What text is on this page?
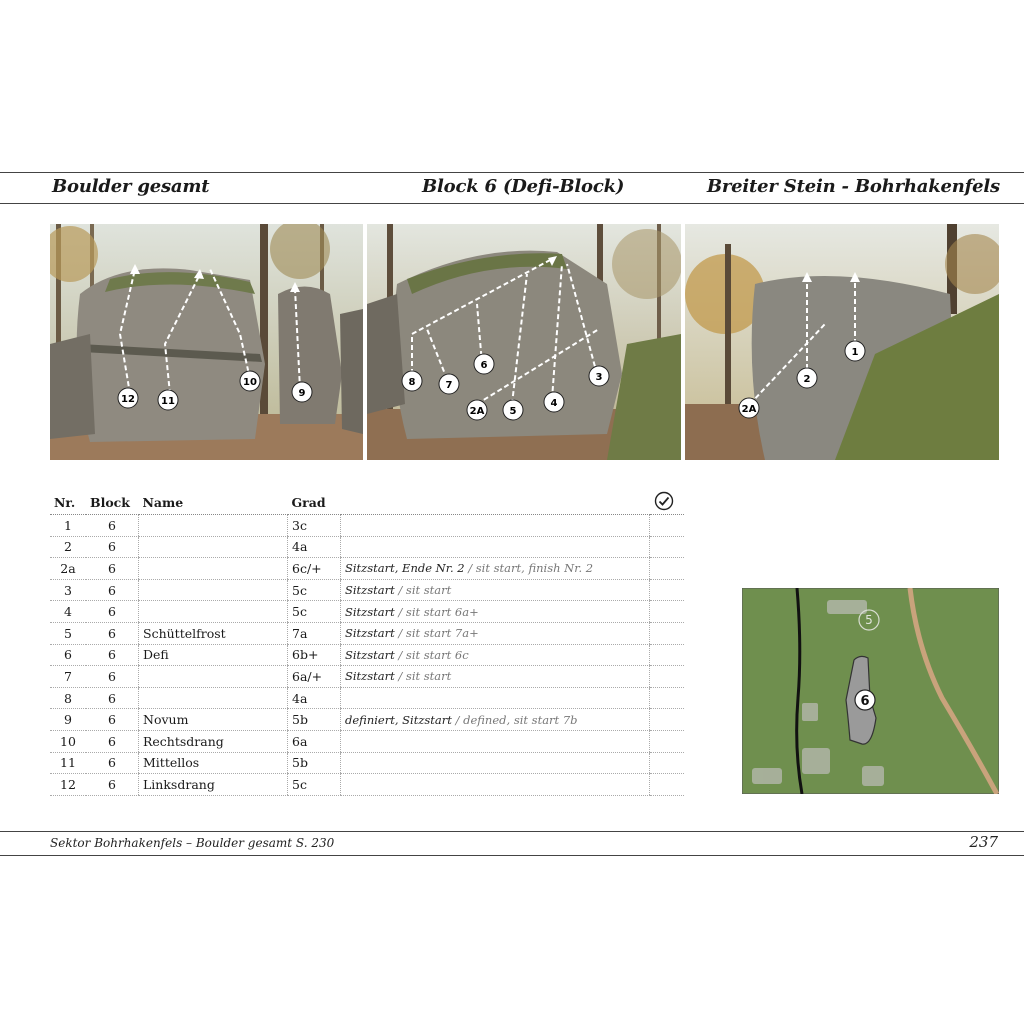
Boulder gesamt	Block 6 (Defi-Block)	Breiter Stein - Bohrhakenfels
12	11
10
9
8	7
6
2A	5
4
3
2A
2
1
Nr.	Block	Name	Grad		
1	6		3c		
2	6		4a		
2a	6		6c/+	Sitzstart, Ende Nr. 2 / sit start, finish Nr. 2	
3	6		5c	Sitzstart / sit start	
4	6		5c	Sitzstart / sit start 6a+	
5	6	Schüttelfrost	7a	Sitzstart / sit start 7a+	
6	6	Defi	6b+	Sitzstart / sit start 6c	
7	6		6a/+	Sitzstart / sit start	
8	6		4a		
9	6	Novum	5b	definiert, Sitzstart / defined, sit start 7b	
10	6	Rechtsdrang	6a		
11	6	Mittellos	5b		
12	6	Linksdrang	5c		
5
6
Sektor Bohrhakenfels – Boulder gesamt S. 230	237
